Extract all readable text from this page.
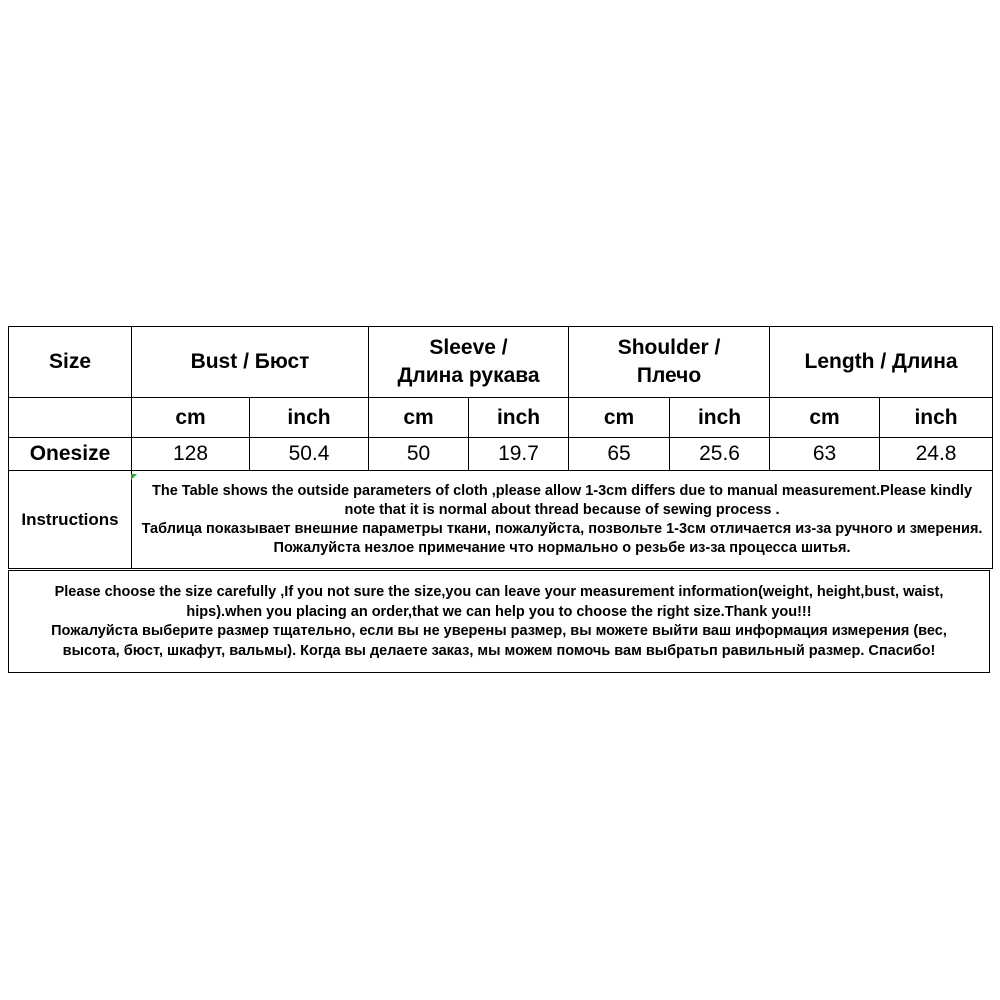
Size	Bust / Бюст		Sleeve /
Длина рукава		Shoulder /
Плечо		Length / Длина	
	cm	inch	cm	inch	cm	inch	cm	inch
Onesize	128	50.4	50	19.7	65	25.6	63	24.8
Instructions	The Table shows the outside parameters of cloth ,please allow 1-3cm differs due to manual measurement.Please kindly note that it is normal about thread because of sewing process .
Таблица показывает внешние параметры ткани, пожалуйста, позвольте 1-3см отличается из-за ручного и змерения. Пожалуйста незлое примечание что нормально о резьбе из-за процесса шитья.							
Please choose the size carefully ,If you not sure the size,you can leave your measurement information(weight, height,bust, waist,
hips).when you placing an order,that we can help you to choose the right size.Thank you!!!
Пожалуйста выберите размер тщательно, если вы не уверены размер, вы можете выйти ваш информация измерения (вес,
высота, бюст, шкафут, вальмы). Когда вы делаете заказ, мы можем помочь вам выбратьп равильный размер. Спасибо!
